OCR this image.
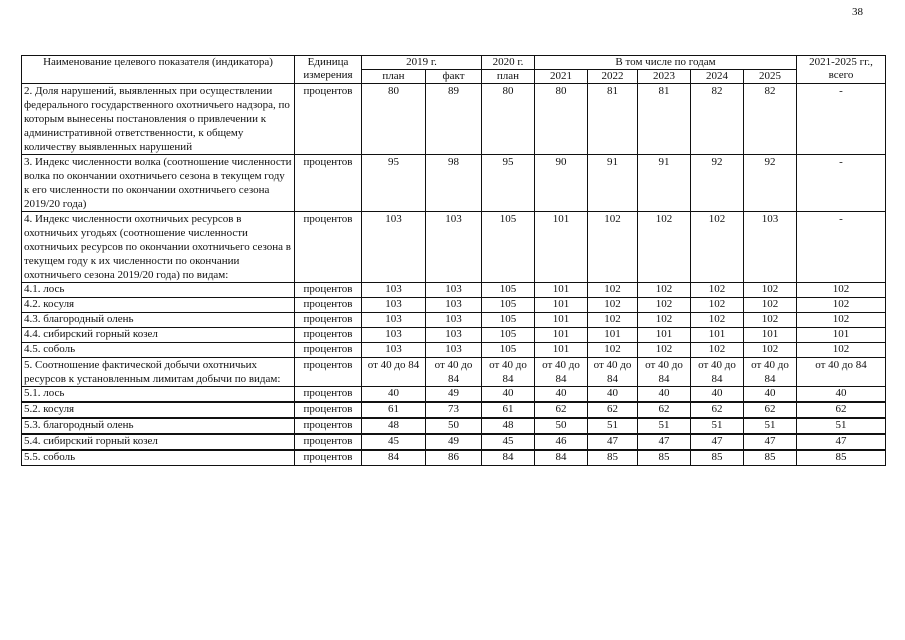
38
Наименование целевого показателя (индикатора)	Единица измерения	2019 г.		2020 г.	В том числе по годам					2021-2025 гг., всего
		план	факт	план	2021	2022	2023	2024	2025	
2. Доля нарушений, выявленных при осуществлении федерального государственного охотничьего надзора, по которым вынесены постановления о привлечении к административной ответственности, к общему количеству выявленных нарушений	процентов	80	89	80	80	81	81	82	82	-
3. Индекс численности волка (соотношение численности волка по окончании охотничьего сезона в текущем году к его численности по окончании охотничьего сезона 2019/20 года)	процентов	95	98	95	90	91	91	92	92	-
4. Индекс численности охотничьих ресурсов в охотничьих угодьях (соотношение численности охотничьих ресурсов по окончании охотничьего сезона в текущем году к их численности по окончании охотничьего сезона 2019/20 года) по видам:	процентов	103	103	105	101	102	102	102	103	-
4.1. лось	процентов	103	103	105	101	102	102	102	102	102
4.2. косуля	процентов	103	103	105	101	102	102	102	102	102
4.3. благородный олень	процентов	103	103	105	101	102	102	102	102	102
4.4. сибирский горный козел	процентов	103	103	105	101	101	101	101	101	101
4.5. соболь	процентов	103	103	105	101	102	102	102	102	102
5. Соотношение фактической добычи охотничьих ресурсов к установленным лимитам добычи по видам:	процентов	от 40 до 84	от 40 до 84	от 40 до 84	от 40 до 84	от 40 до 84	от 40 до 84	от 40 до 84	от 40 до 84	от 40 до 84
5.1. лось	процентов	40	49	40	40	40	40	40	40	40
5.2. косуля	процентов	61	73	61	62	62	62	62	62	62
5.3. благородный олень	процентов	48	50	48	50	51	51	51	51	51
5.4. сибирский горный козел	процентов	45	49	45	46	47	47	47	47	47
5.5. соболь	процентов	84	86	84	84	85	85	85	85	85
